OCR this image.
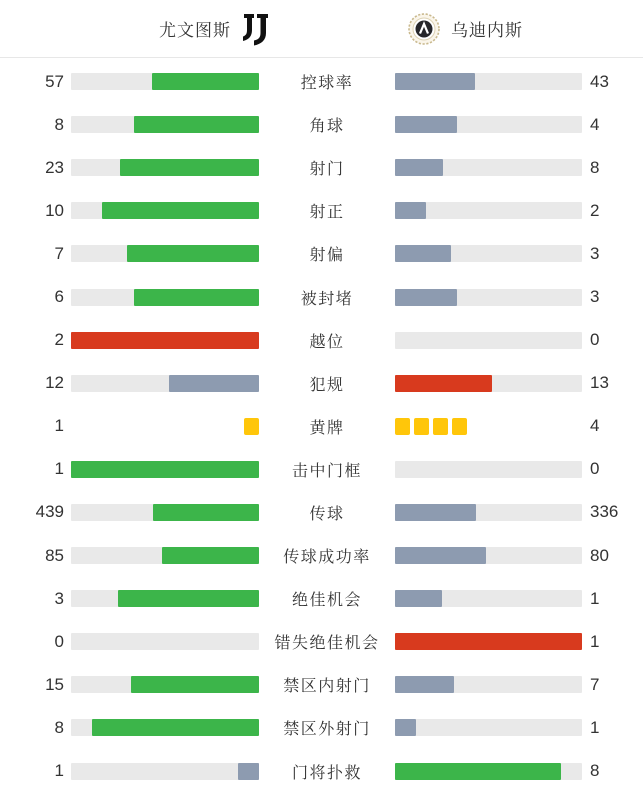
尤文图斯	乌迪内斯
57	控球率	43
8	角球	4
23	射门	8
10	射正	2
7	射偏	3
6	被封堵	3
2	越位	0
12	犯规	13
1	黄牌	4
1	击中门框	0
439	传球	336
85	传球成功率	80
3	绝佳机会	1
0	错失绝佳机会	1
15	禁区内射门	7
8	禁区外射门	1
1	门将扑救	8
